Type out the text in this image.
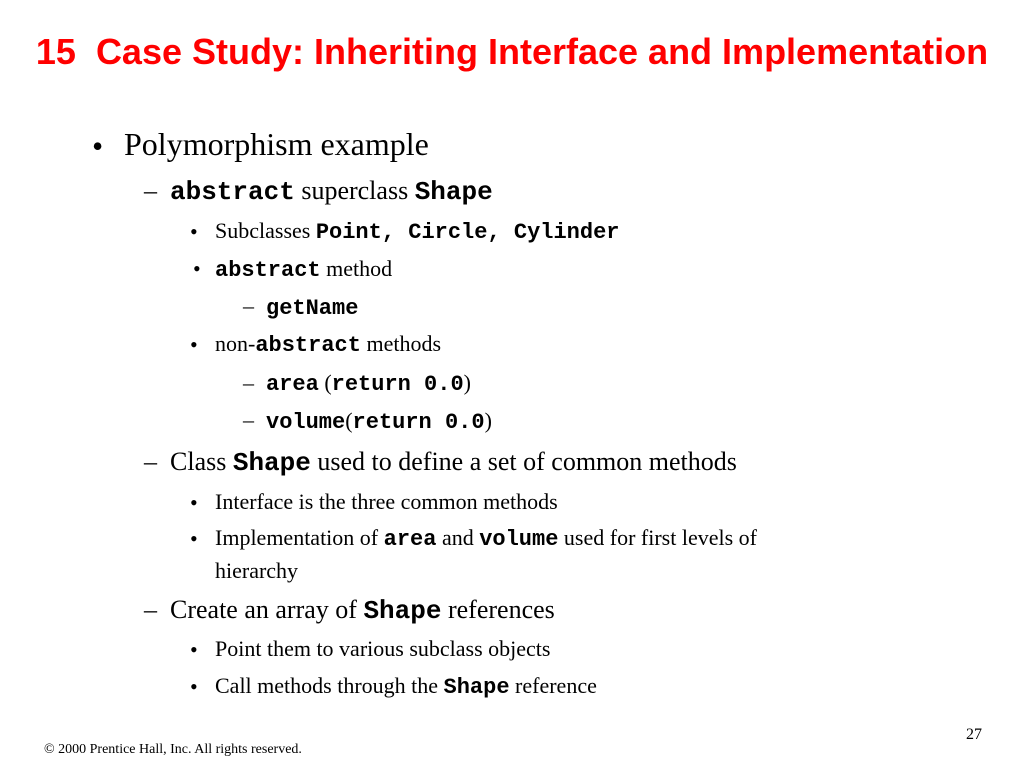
15 Case Study: Inheriting Interface and Implementation
• Polymorphism example
– abstract superclass Shape
• Subclasses Point, Circle, Cylinder
• abstract method
– getName
• non-abstract methods
– area (return 0.0)
– volume(return 0.0)
– Class Shape used to define a set of common methods
• Interface is the three common methods
• Implementation of area and volume used for first levels of
hierarchy
– Create an array of Shape references
• Point them to various subclass objects
• Call methods through the Shape reference
© 2000 Prentice Hall, Inc. All rights reserved.
27
